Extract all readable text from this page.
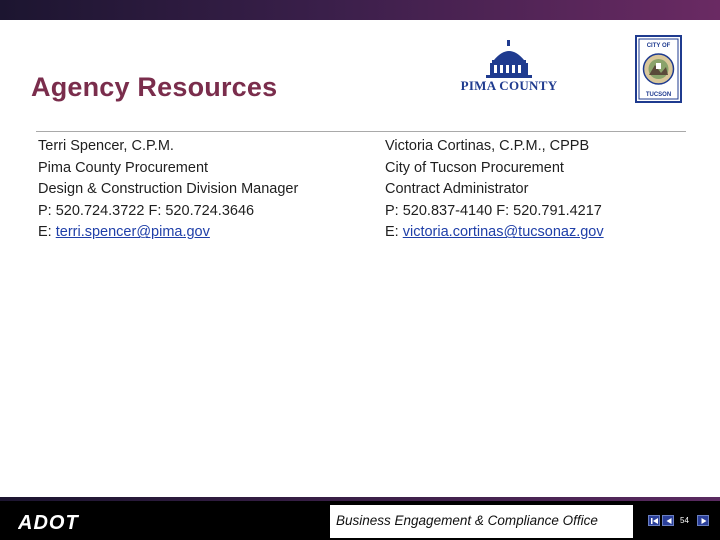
Agency Resources	PIMA COUNTY
CITY OF
TUCSON
Terri Spencer, C.P.M.
Pima County Procurement
Design & Construction Division Manager
P: 520.724.3722 F: 520.724.3646
E: terri.spencer@pima.gov
Victoria Cortinas, C.P.M., CPPB
City of Tucson Procurement
Contract Administrator
P: 520.837-4140 F: 520.791.4217
E: victoria.cortinas@tucsonaz.gov
ADOT	Business Engagement & Compliance Office	54
